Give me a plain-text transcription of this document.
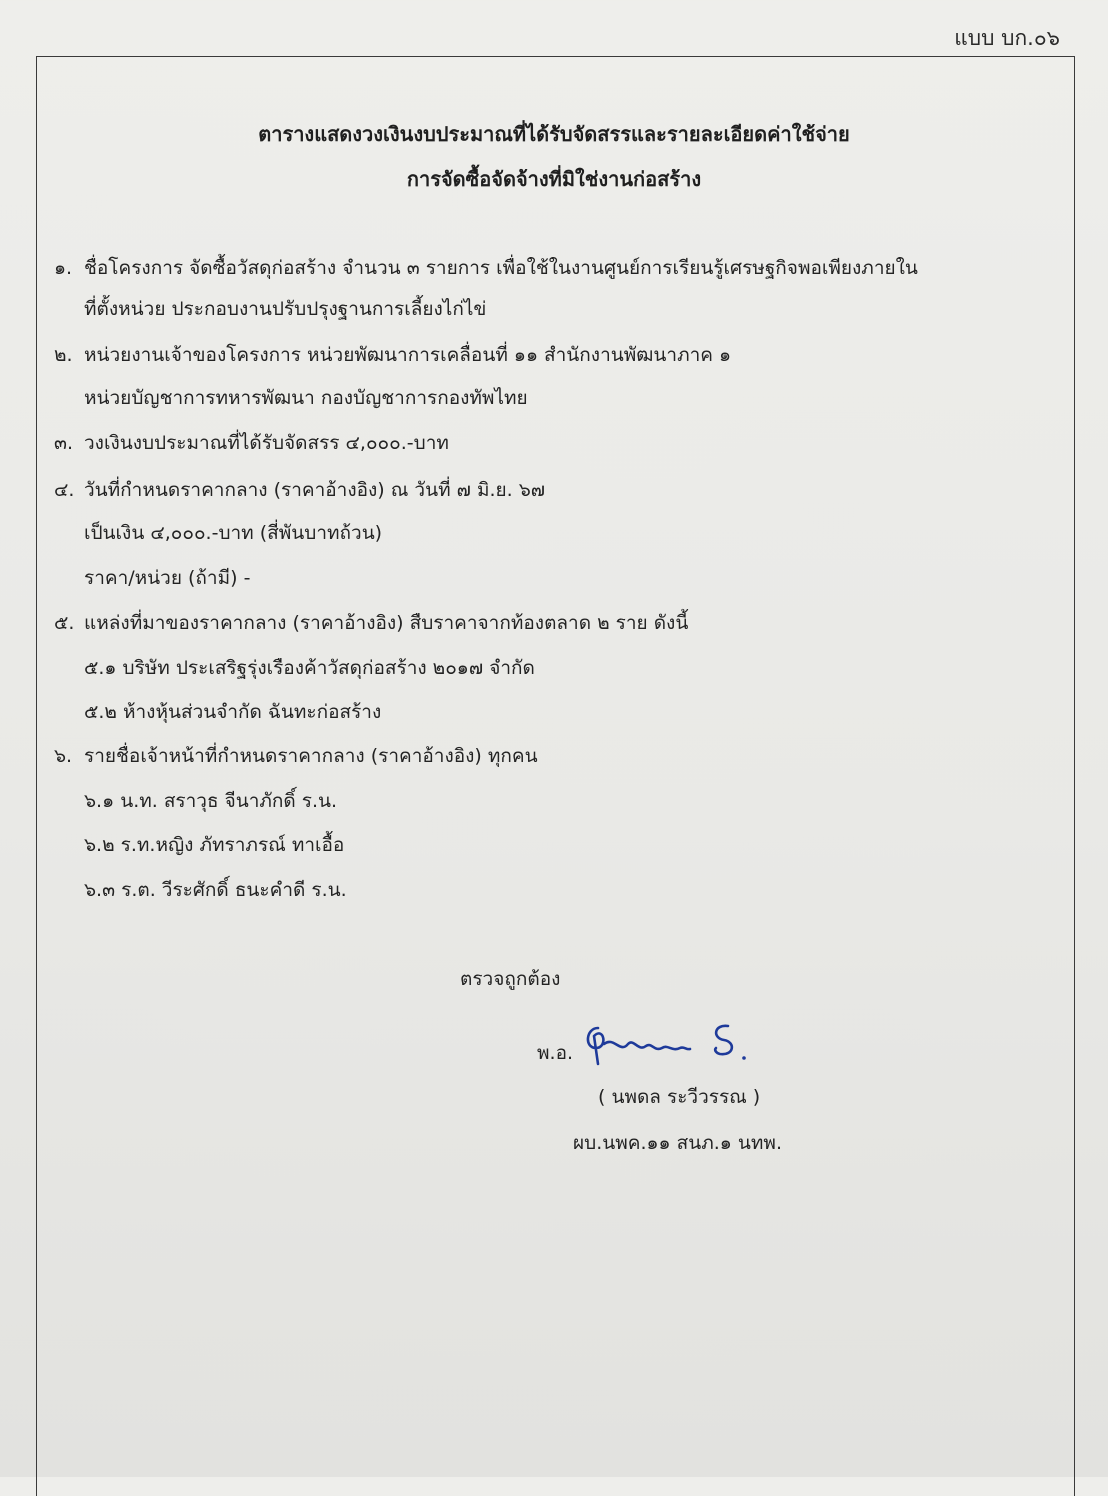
แบบ บก.๐๖
ตารางแสดงวงเงินงบประมาณที่ได้รับจัดสรรและรายละเอียดค่าใช้จ่าย
การจัดซื้อจัดจ้างที่มิใช่งานก่อสร้าง
๑. ชื่อโครงการ จัดซื้อวัสดุก่อสร้าง จำนวน ๓ รายการ เพื่อใช้ในงานศูนย์การเรียนรู้เศรษฐกิจพอเพียงภายใน
ที่ตั้งหน่วย ประกอบงานปรับปรุงฐานการเลี้ยงไก่ไข่
๒. หน่วยงานเจ้าของโครงการ หน่วยพัฒนาการเคลื่อนที่ ๑๑ สำนักงานพัฒนาภาค ๑
หน่วยบัญชาการทหารพัฒนา กองบัญชาการกองทัพไทย
๓. วงเงินงบประมาณที่ได้รับจัดสรร ๔,๐๐๐.-บาท
๔. วันที่กำหนดราคากลาง (ราคาอ้างอิง) ณ วันที่ ๗ มิ.ย. ๖๗
เป็นเงิน ๔,๐๐๐.-บาท (สี่พันบาทถ้วน)
ราคา/หน่วย (ถ้ามี) -
๕. แหล่งที่มาของราคากลาง (ราคาอ้างอิง) สืบราคาจากท้องตลาด ๒ ราย ดังนี้
๕.๑ บริษัท ประเสริฐรุ่งเรืองค้าวัสดุก่อสร้าง ๒๐๑๗ จำกัด
๕.๒ ห้างหุ้นส่วนจำกัด ฉันทะก่อสร้าง
๖. รายชื่อเจ้าหน้าที่กำหนดราคากลาง (ราคาอ้างอิง) ทุกคน
๖.๑ น.ท. สราวุธ จีนาภักดิ์ ร.น.
๖.๒ ร.ท.หญิง ภัทราภรณ์ ทาเอื้อ
๖.๓ ร.ต. วีระศักดิ์ ธนะคำดี ร.น.
ตรวจถูกต้อง
พ.อ.
( นพดล ระวีวรรณ )
ผบ.นพค.๑๑ สนภ.๑ นทพ.
